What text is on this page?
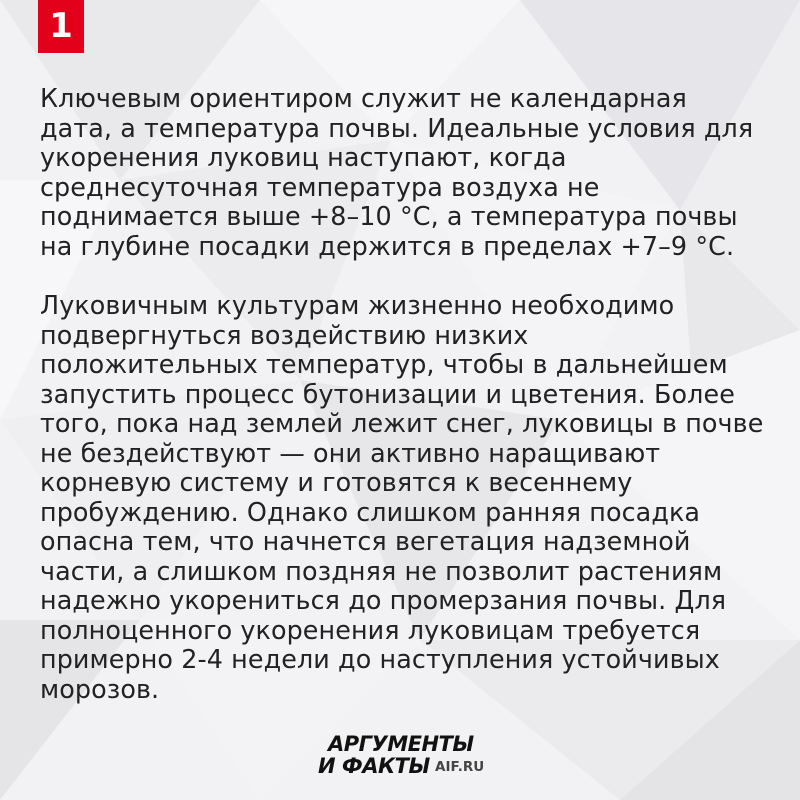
1

Ключевым ориентиром служит не календарная
дата, а температура почвы. Идеальные условия для
укоренения луковиц наступают, когда
среднесуточная температура воздуха не
поднимается выше +8–10 °С, а температура почвы
на глубине посадки держится в пределах +7–9 °С.

Луковичным культурам жизненно необходимо
подвергнуться воздействию низких
положительных температур, чтобы в дальнейшем
запустить процесс бутонизации и цветения. Более
того, пока над землей лежит снег, луковицы в почве
не бездействуют — они активно наращивают
корневую систему и готовятся к весеннему
пробуждению. Однако слишком ранняя посадка
опасна тем, что начнется вегетация надземной
части, а слишком поздняя не позволит растениям
надежно укорениться до промерзания почвы. Для
полноценного укоренения луковицам требуется
примерно 2-4 недели до наступления устойчивых
морозов.

АРГУМЕНТЫ
И ФАКТЫ AIF.RU
